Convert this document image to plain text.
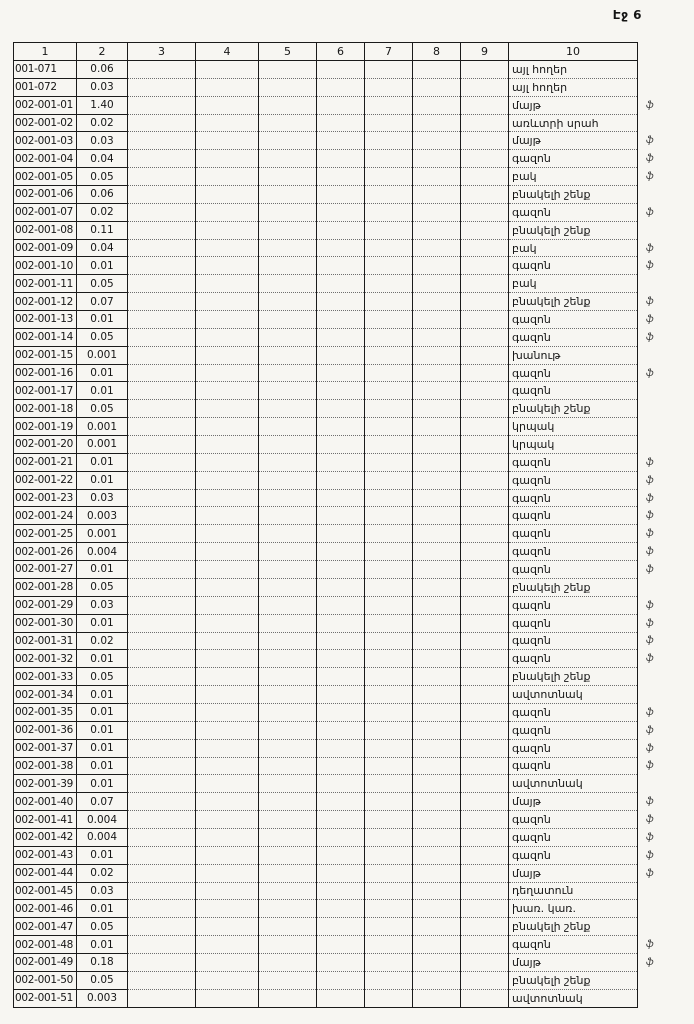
Էջ 6
1	2	3	4	5	6	7	8	9	10	
001-071	0.06								այլ հողեր	
001-072	0.03								այլ հողեր	
002-001-01	1.40								մայթ	ֆ
002-001-02	0.02								առևտրի սրահ	
002-001-03	0.03								մայթ	ֆ
002-001-04	0.04								գազոն	ֆ
002-001-05	0.05								բակ	ֆ
002-001-06	0.06								բնակելի շենք	
002-001-07	0.02								գազոն	ֆ
002-001-08	0.11								բնակելի շենք	
002-001-09	0.04								բակ	ֆ
002-001-10	0.01								գազոն	ֆ
002-001-11	0.05								բակ	
002-001-12	0.07								բնակելի շենք	ֆ
002-001-13	0.01								գազոն	ֆ
002-001-14	0.05								գազոն	ֆ
002-001-15	0.001								խանութ	
002-001-16	0.01								գազոն	ֆ
002-001-17	0.01								գազոն	
002-001-18	0.05								բնակելի շենք	
002-001-19	0.001								կրպակ	
002-001-20	0.001								կրպակ	
002-001-21	0.01								գազոն	ֆ
002-001-22	0.01								գազոն	ֆ
002-001-23	0.03								գազոն	ֆ
002-001-24	0.003								գազոն	ֆ
002-001-25	0.001								գազոն	ֆ
002-001-26	0.004								գազոն	ֆ
002-001-27	0.01								գազոն	ֆ
002-001-28	0.05								բնակելի շենք	
002-001-29	0.03								գազոն	ֆ
002-001-30	0.01								գազոն	ֆ
002-001-31	0.02								գազոն	ֆ
002-001-32	0.01								գազոն	ֆ
002-001-33	0.05								բնակելի շենք	
002-001-34	0.01								ավտոտնակ	
002-001-35	0.01								գազոն	ֆ
002-001-36	0.01								գազոն	ֆ
002-001-37	0.01								գազոն	ֆ
002-001-38	0.01								գազոն	ֆ
002-001-39	0.01								ավտոտնակ	
002-001-40	0.07								մայթ	ֆ
002-001-41	0.004								գազոն	ֆ
002-001-42	0.004								գազոն	ֆ
002-001-43	0.01								գազոն	ֆ
002-001-44	0.02								մայթ	ֆ
002-001-45	0.03								դեղատուն	
002-001-46	0.01								խառ. կառ.	
002-001-47	0.05								բնակելի շենք	
002-001-48	0.01								գազոն	ֆ
002-001-49	0.18								մայթ	ֆ
002-001-50	0.05								բնակելի շենք	
002-001-51	0.003								ավտոտնակ	
